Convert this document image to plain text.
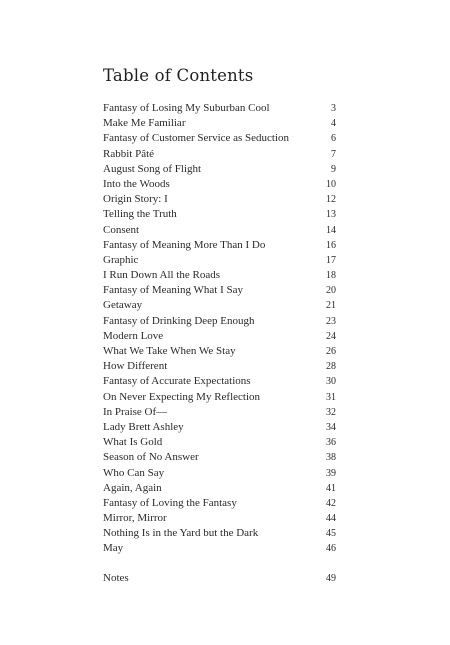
Table of Contents
Fantasy of Losing My Suburban Cool	3
Make Me Familiar	4
Fantasy of Customer Service as Seduction	6
Rabbit Pâté	7
August Song of Flight	9
Into the Woods	10
Origin Story: I	12
Telling the Truth	13
Consent	14
Fantasy of Meaning More Than I Do	16
Graphic	17
I Run Down All the Roads	18
Fantasy of Meaning What I Say	20
Getaway	21
Fantasy of Drinking Deep Enough	23
Modern Love	24
What We Take When We Stay	26
How Different	28
Fantasy of Accurate Expectations	30
On Never Expecting My Reflection	31
In Praise Of—	32
Lady Brett Ashley	34
What Is Gold	36
Season of No Answer	38
Who Can Say	39
Again, Again	41
Fantasy of Loving the Fantasy	42
Mirror, Mirror	44
Nothing Is in the Yard but the Dark	45
May	46
Notes	49
